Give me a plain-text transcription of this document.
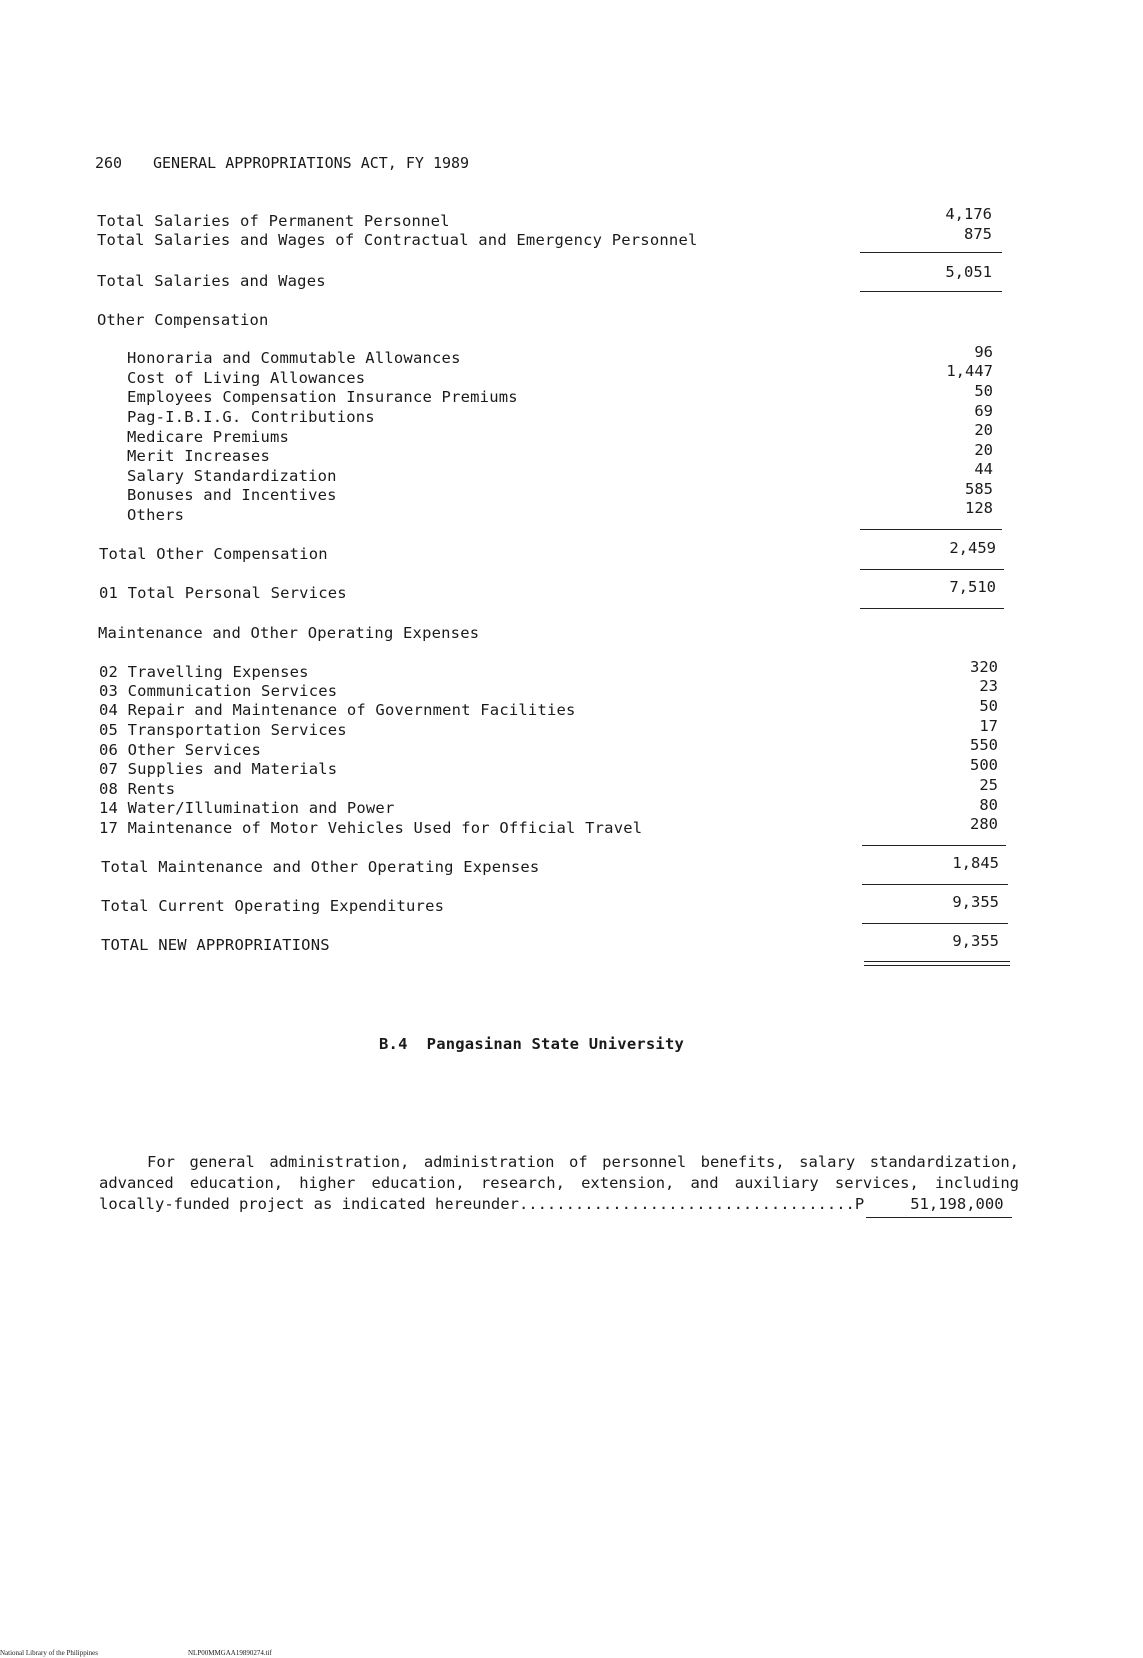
260 GENERAL APPROPRIATIONS ACT, FY 1989
Total Salaries of Permanent Personnel	4,176
Total Salaries and Wages of Contractual and Emergency Personnel	875
Total Salaries and Wages	5,051
Other Compensation
Honoraria and Commutable Allowances	96
Cost of Living Allowances	1,447
Employees Compensation Insurance Premiums	50
Pag-I.B.I.G. Contributions	69
Medicare Premiums	20
Merit Increases	20
Salary Standardization	44
Bonuses and Incentives	585
Others	128
Total Other Compensation	2,459
01 Total Personal Services	7,510
Maintenance and Other Operating Expenses
02 Travelling Expenses	320
03 Communication Services	23
04 Repair and Maintenance of Government Facilities	50
05 Transportation Services	17
06 Other Services	550
07 Supplies and Materials	500
08 Rents	25
14 Water/Illumination and Power	80
17 Maintenance of Motor Vehicles Used for Official Travel	280
Total Maintenance and Other Operating Expenses	1,845
Total Current Operating Expenditures	9,355
TOTAL NEW APPROPRIATIONS	9,355
B.4  Pangasinan State University
For general administration, administration of personnel benefits, salary standardization, advanced education, higher education, research, extension, and auxiliary services, including locally-funded project as indicated hereunder....................................P	51,198,000
National Library of the Philippines	NLP00MMGAA19890274.tif
